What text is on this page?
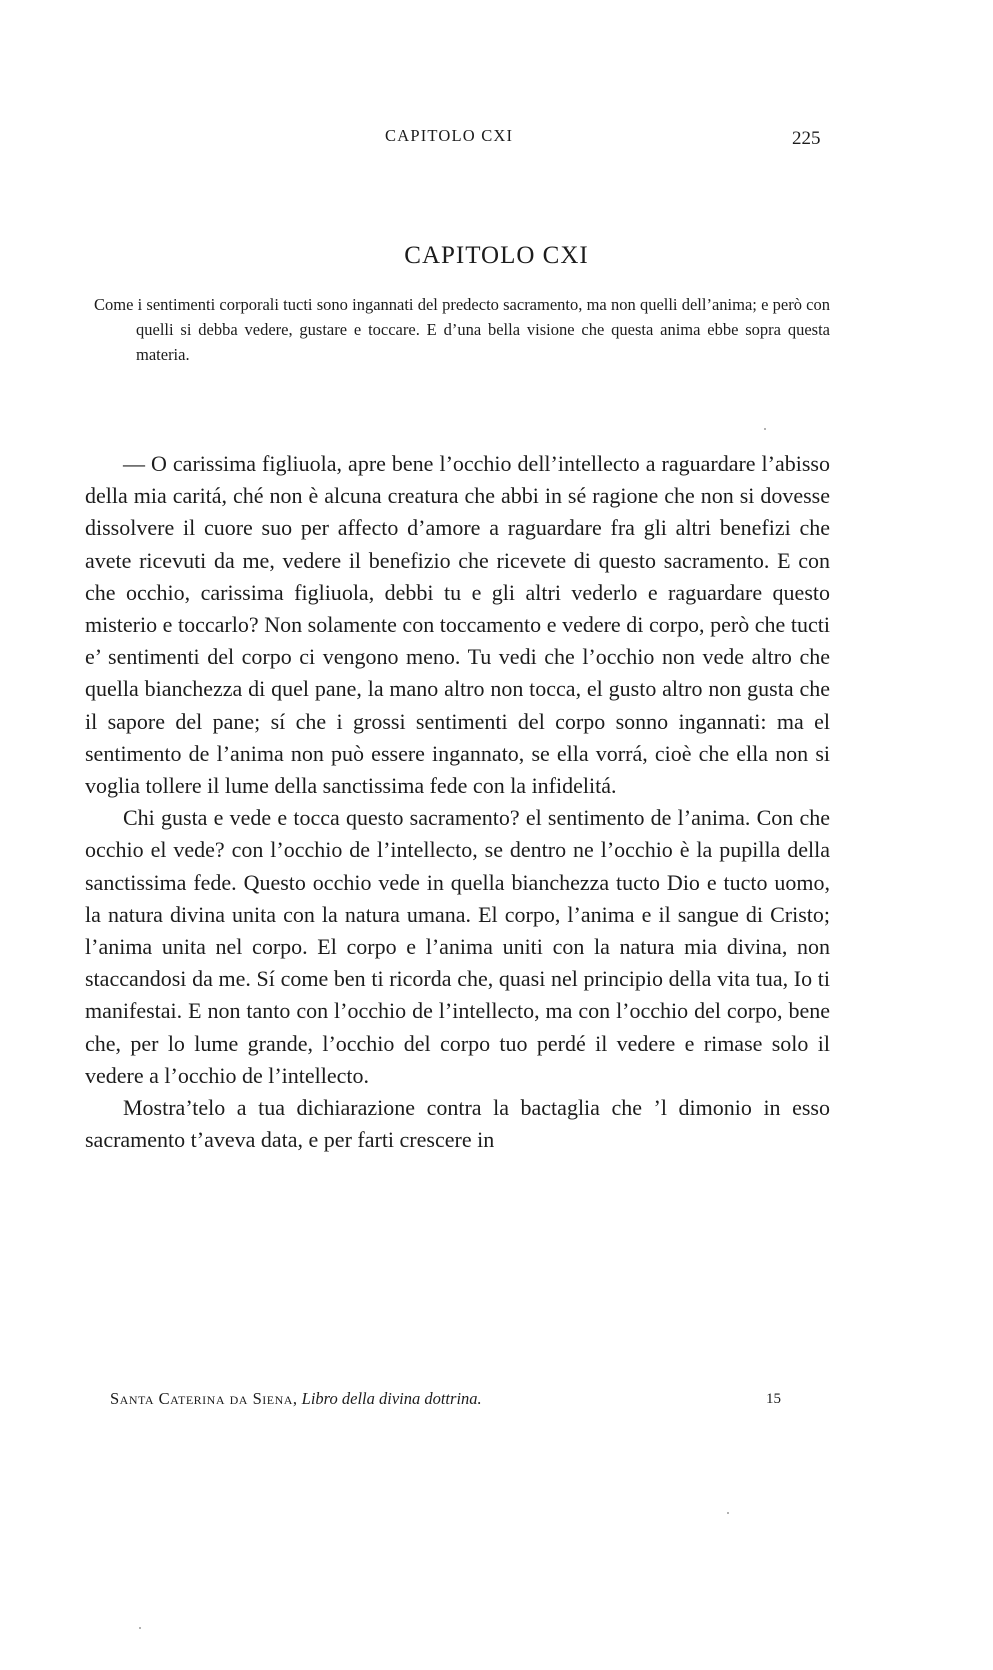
CAPITOLO CXI	225
CAPITOLO CXI

Come i sentimenti corporali tucti sono ingannati del predecto sacramento, ma non quelli dell’anima; e però con quelli si debba vedere, gustare e toccare. E d’una bella visione che questa anima ebbe sopra questa materia.

— O carissima figliuola, apre bene l’occhio dell’intellecto a raguardare l’abisso della mia caritá, ché non è alcuna creatura che abbi in sé ragione che non si dovesse dissolvere il cuore suo per affecto d’amore a raguardare fra gli altri benefizi che avete ricevuti da me, vedere il benefizio che ricevete di questo sacramento. E con che occhio, carissima figliuola, debbi tu e gli altri vederlo e raguardare questo misterio e toccarlo? Non solamente con toccamento e vedere di corpo, però che tucti e’ sentimenti del corpo ci vengono meno. Tu vedi che l’occhio non vede altro che quella bianchezza di quel pane, la mano altro non tocca, el gusto altro non gusta che il sapore del pane; sí che i grossi sentimenti del corpo sonno ingannati: ma el sentimento de l’anima non può essere ingannato, se ella vorrá, cioè che ella non si voglia tollere il lume della sanctissima fede con la infidelitá.

Chi gusta e vede e tocca questo sacramento? el sentimento de l’anima. Con che occhio el vede? con l’occhio de l’intellecto, se dentro ne l’occhio è la pupilla della sanctissima fede. Questo occhio vede in quella bianchezza tucto Dio e tucto uomo, la natura divina unita con la natura umana. El corpo, l’anima e il sangue di Cristo; l’anima unita nel corpo. El corpo e l’anima uniti con la natura mia divina, non staccandosi da me. Sí come ben ti ricorda che, quasi nel principio della vita tua, Io ti manifestai. E non tanto con l’occhio de l’intellecto, ma con l’occhio del corpo, bene che, per lo lume grande, l’occhio del corpo tuo perdé il vedere e rimase solo il vedere a l’occhio de l’intellecto.

Mostra’telo a tua dichiarazione contra la bactaglia che ’l dimonio in esso sacramento t’aveva data, e per farti crescere in

Santa Caterina da Siena, Libro della divina dottrina.	15
